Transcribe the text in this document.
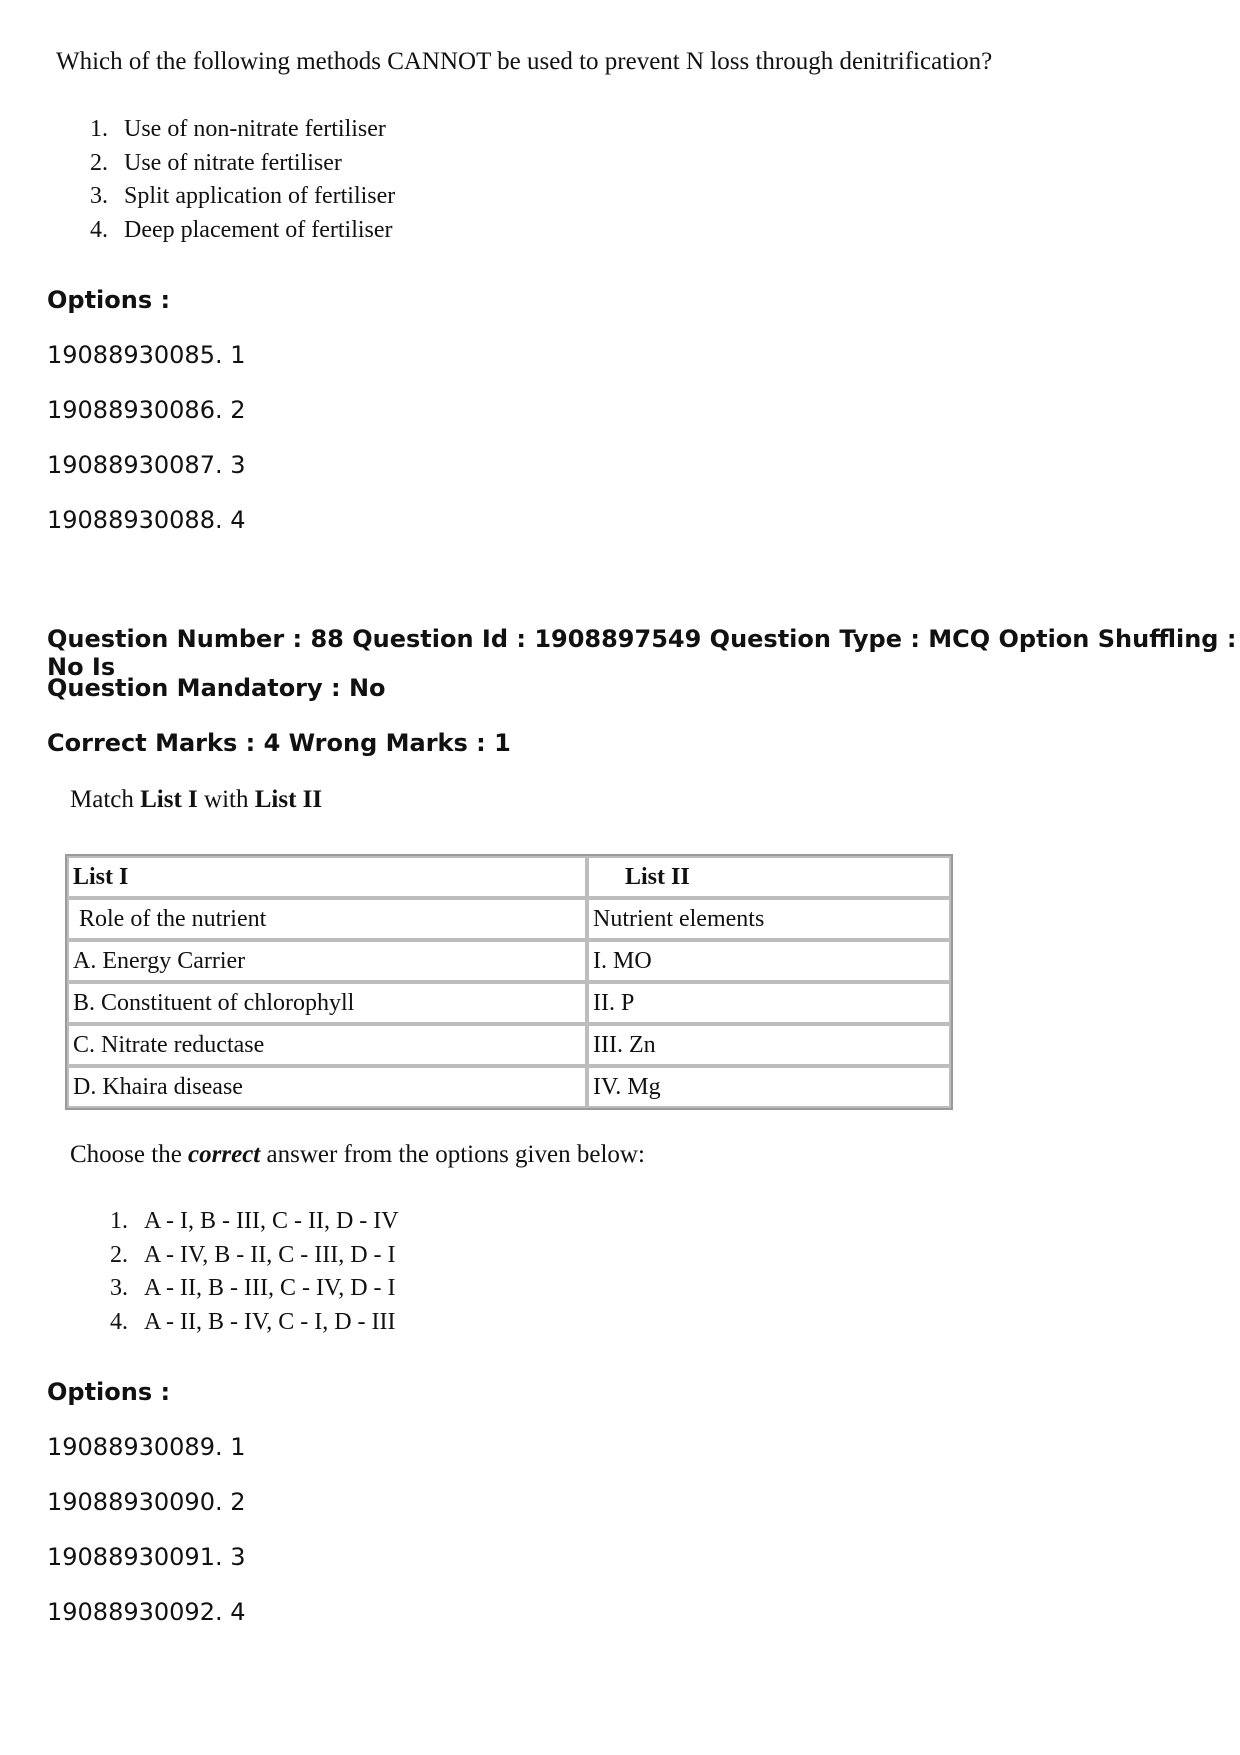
Which of the following methods CANNOT be used to prevent N loss through denitrification?
1. Use of non-nitrate fertiliser
2. Use of nitrate fertiliser
3. Split application of fertiliser
4. Deep placement of fertiliser
Options :
19088930085. 1
19088930086. 2
19088930087. 3
19088930088. 4
Question Number : 88 Question Id : 1908897549 Question Type : MCQ Option Shuffling : No Is
Question Mandatory : No
Correct Marks : 4 Wrong Marks : 1
Match List I with List II
List I	List II
Role of the nutrient	Nutrient elements
A. Energy Carrier	I. MO
B. Constituent of chlorophyll	II. P
C. Nitrate reductase	III. Zn
D. Khaira disease	IV. Mg
Choose the correct answer from the options given below:
1. A - I, B - III, C - II, D - IV
2. A - IV, B - II, C - III, D - I
3. A - II, B - III, C - IV, D - I
4. A - II, B - IV, C - I, D - III
Options :
19088930089. 1
19088930090. 2
19088930091. 3
19088930092. 4
